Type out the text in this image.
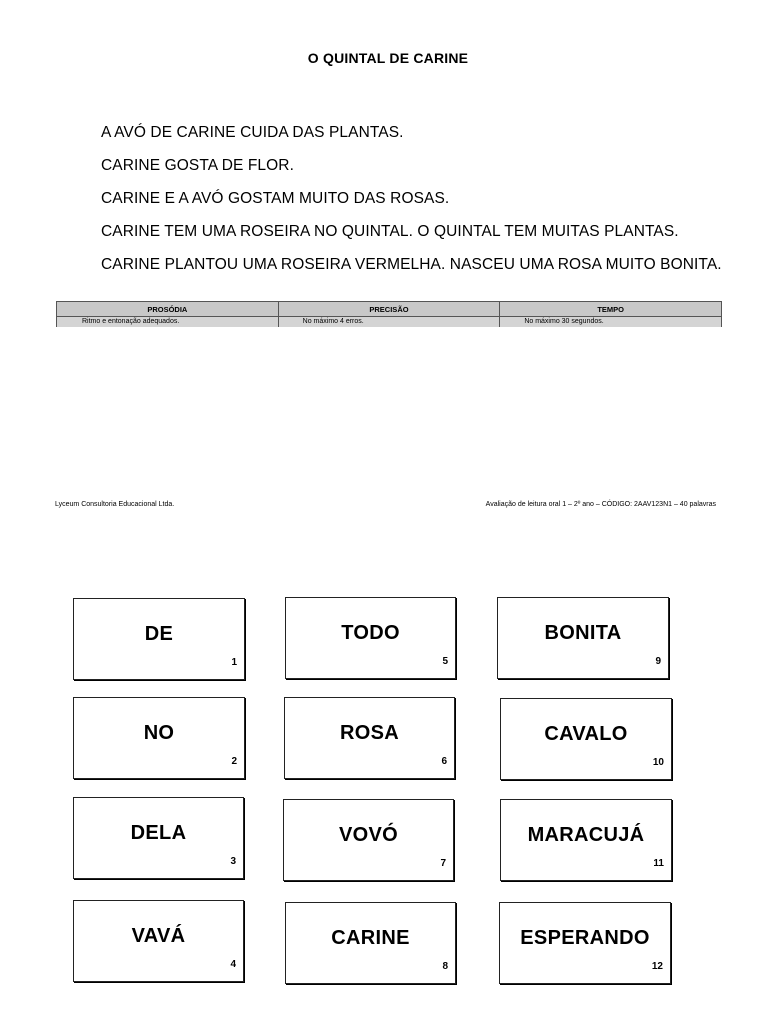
O QUINTAL DE CARINE
A AVÓ DE CARINE CUIDA DAS PLANTAS.
CARINE GOSTA DE FLOR.
CARINE E A AVÓ GOSTAM MUITO DAS ROSAS.
CARINE TEM UMA ROSEIRA NO QUINTAL. O QUINTAL TEM MUITAS PLANTAS.
CARINE PLANTOU UMA ROSEIRA VERMELHA. NASCEU UMA ROSA MUITO BONITA.
PROSÓDIA	PRECISÃO	TEMPO
Ritmo e entonação adequados.	No máximo 4 erros.	No máximo 30 segundos.
Lyceum Consultoria Educacional Ltda.	Avaliação de leitura oral 1 – 2º ano – CÓDIGO: 2AAV123N1 – 40 palavras
DE
1
NO
2
DELA
3
VAVÁ
4
TODO
5
ROSA
6
VOVÓ
7
CARINE
8
BONITA
9
CAVALO
10
MARACUJÁ
11
ESPERANDO
12
